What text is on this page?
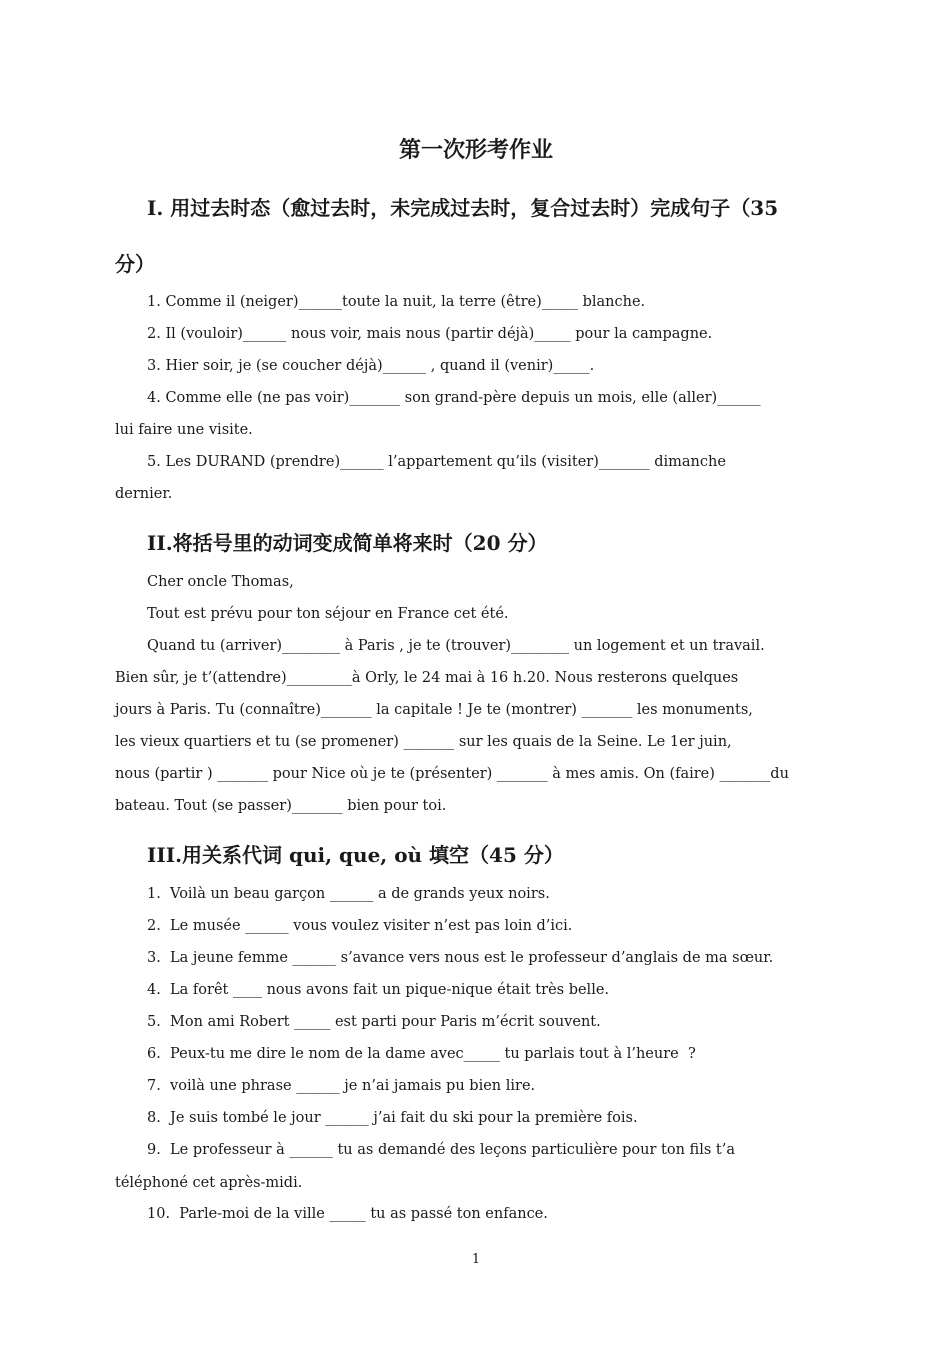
第一次形考作业
I. 用过去时态（愈过去时，未完成过去时，复合过去时）完成句子（35
分）
1. Comme il (neiger)______toute la nuit, la terre (être)_____ blanche.
2. Il (vouloir)______ nous voir, mais nous (partir déjà)_____ pour la campagne.
3. Hier soir, je (se coucher déjà)______ , quand il (venir)_____.
4. Comme elle (ne pas voir)_______ son grand-père depuis un mois, elle (aller)______
lui faire une visite.
5. Les DURAND (prendre)______ l’appartement qu’ils (visiter)_______ dimanche
dernier.
II.将括号里的动词变成简单将来时（20 分）
Cher oncle Thomas,
Tout est prévu pour ton séjour en France cet été.
Quand tu (arriver)________ à Paris , je te (trouver)________ un logement et un travail.
Bien sûr, je t’(attendre)_________à Orly, le 24 mai à 16 h.20. Nous resterons quelques
jours à Paris. Tu (connaître)_______ la capitale ! Je te (montrer) _______ les monuments,
les vieux quartiers et tu (se promener) _______ sur les quais de la Seine. Le 1er juin,
nous (partir ) _______ pour Nice où je te (présenter) _______ à mes amis. On (faire) _______du
bateau. Tout (se passer)_______ bien pour toi.
III.用关系代词 qui, que, où 填空（45 分）
1.  Voilà un beau garçon ______ a de grands yeux noirs.
2.  Le musée ______ vous voulez visiter n’est pas loin d’ici.
3.  La jeune femme ______ s’avance vers nous est le professeur d’anglais de ma sœur.
4.  La forêt ____ nous avons fait un pique-nique était très belle.
5.  Mon ami Robert _____ est parti pour Paris m’écrit souvent.
6.  Peux-tu me dire le nom de la dame avec_____ tu parlais tout à l’heure  ?
7.  voilà une phrase ______ je n’ai jamais pu bien lire.
8.  Je suis tombé le jour ______ j’ai fait du ski pour la première fois.
9.  Le professeur à ______ tu as demandé des leçons particulière pour ton fils t’a
téléphoné cet après-midi.
10.  Parle-moi de la ville _____ tu as passé ton enfance.
1
